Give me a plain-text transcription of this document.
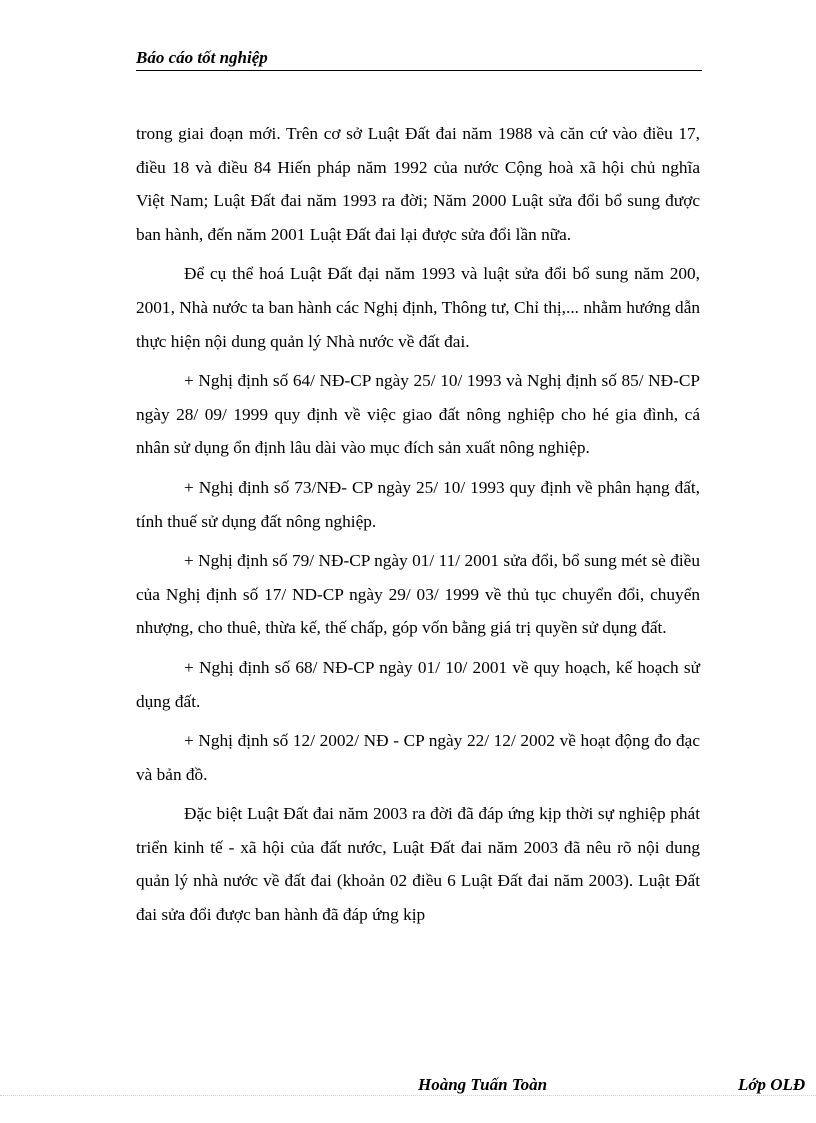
Báo cáo tốt nghiệp

trong giai đoạn mới. Trên cơ sở Luật Đất đai năm 1988 và căn cứ vào điều 17, điều 18 và điều 84 Hiến pháp năm 1992 của nước Cộng hoà xã hội chủ nghĩa Việt Nam; Luật Đất đai năm 1993 ra đời; Năm 2000 Luật sửa đổi bổ sung được ban hành, đến năm 2001 Luật Đất đai lại được sửa đổi lần nữa.

Để cụ thể hoá Luật Đất đại năm 1993 và luật sửa đổi bổ sung năm 200, 2001, Nhà nước ta ban hành các Nghị định, Thông tư, Chỉ thị,... nhằm hướng dẫn thực hiện nội dung quản lý Nhà nước về đất đai.

+ Nghị định số 64/ NĐ-CP ngày 25/ 10/ 1993 và Nghị định số 85/ NĐ-CP ngày 28/ 09/ 1999 quy định về việc giao đất nông nghiệp cho hé gia đình, cá nhân sử dụng ổn định lâu dài vào mục đích sản xuất nông nghiệp.

+ Nghị định số 73/NĐ- CP ngày 25/ 10/ 1993 quy định về phân hạng đất, tính thuế sử dụng đất nông nghiệp.

+ Nghị định số 79/ NĐ-CP ngày 01/ 11/ 2001 sửa đổi, bổ sung mét sè điều của Nghị định số 17/ ND-CP ngày 29/ 03/ 1999 về thủ tục chuyển đổi, chuyển nhượng, cho thuê, thừa kế, thế chấp, góp vốn bằng giá trị quyền sử dụng đất.

+ Nghị định số 68/ NĐ-CP ngày 01/ 10/ 2001 về quy hoạch, kế hoạch sử dụng đất.

+ Nghị định số 12/ 2002/ NĐ - CP ngày 22/ 12/ 2002 về hoạt động đo đạc và bản đồ.

Đặc biệt Luật Đất đai năm 2003 ra đời đã đáp ứng kịp thời sự nghiệp phát triển kinh tế - xã hội của đất nước, Luật Đất đai năm 2003 đã nêu rõ nội dung quản lý nhà nước về đất đai (khoản 02 điều 6 Luật Đất đai năm 2003). Luật Đất đai sửa đổi được ban hành đã đáp ứng kịp

Hoàng Tuấn Toàn	Lớp OLĐ
